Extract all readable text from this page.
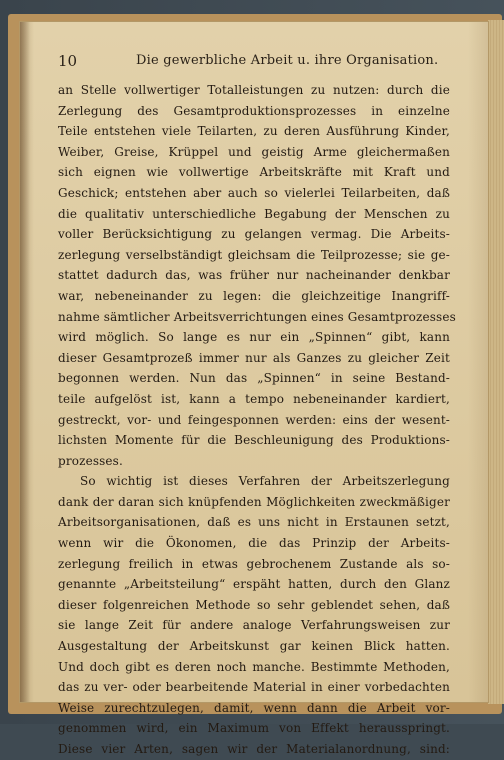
10	Die gewerbliche Arbeit u. ihre Organisation.
an Stelle vollwertiger Totalleistungen zu nutzen: durch die
Zerlegung des Gesamtproduktionsprozesses in einzelne
Teile entstehen viele Teilarten, zu deren Ausführung Kinder,
Weiber, Greise, Krüppel und geistig Arme gleichermaßen
sich eignen wie vollwertige Arbeitskräfte mit Kraft und
Geschick; entstehen aber auch so vielerlei Teilarbeiten, daß
die qualitativ unterschiedliche Begabung der Menschen zu
voller Berücksichtigung zu gelangen vermag. Die Arbeits-
zerlegung verselbständigt gleichsam die Teilprozesse; sie ge-
stattet dadurch das, was früher nur nacheinander denkbar
war, nebeneinander zu legen: die gleichzeitige Inangriff-
nahme sämtlicher Arbeitsverrichtungen eines Gesamtprozesses
wird möglich. So lange es nur ein „Spinnen“ gibt, kann
dieser Gesamtprozeß immer nur als Ganzes zu gleicher Zeit
begonnen werden. Nun das „Spinnen“ in seine Bestand-
teile aufgelöst ist, kann a tempo nebeneinander kardiert,
gestreckt, vor- und feingesponnen werden: eins der wesent-
lichsten Momente für die Beschleunigung des Produktions-
prozesses.
So wichtig ist dieses Verfahren der Arbeitszerlegung
dank der daran sich knüpfenden Möglichkeiten zweckmäßiger
Arbeitsorganisationen, daß es uns nicht in Erstaunen setzt,
wenn wir die Ökonomen, die das Prinzip der Arbeits-
zerlegung freilich in etwas gebrochenem Zustande als so-
genannte „Arbeitsteilung“ erspäht hatten, durch den Glanz
dieser folgenreichen Methode so sehr geblendet sehen, daß
sie lange Zeit für andere analoge Verfahrungsweisen zur
Ausgestaltung der Arbeitskunst gar keinen Blick hatten.
Und doch gibt es deren noch manche. Bestimmte Methoden,
das zu ver- oder bearbeitende Material in einer vorbedachten
Weise zurechtzulegen, damit, wenn dann die Arbeit vor-
genommen wird, ein Maximum von Effekt herausspringt.
Diese vier Arten, sagen wir der Materialanordnung, sind:
